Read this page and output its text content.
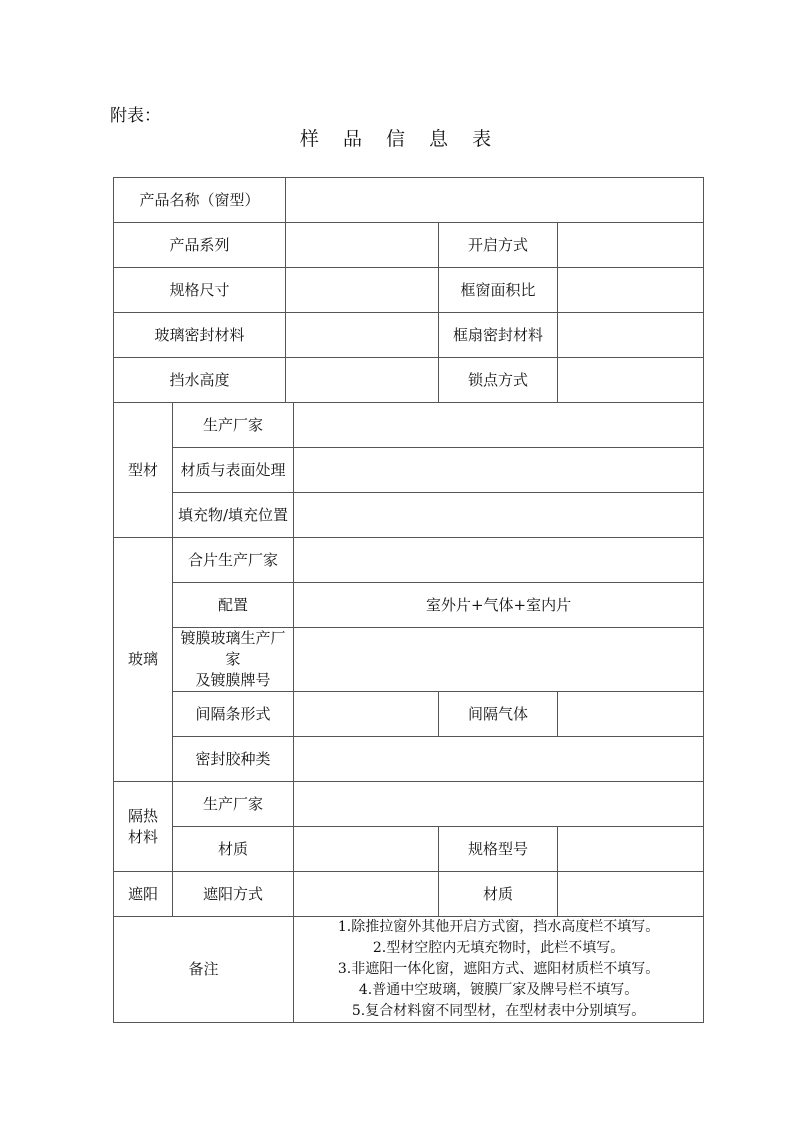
附表：
样 品 信 息 表
产品名称（窗型）					
产品系列				开启方式	
规格尺寸				框窗面积比	
玻璃密封材料				框扇密封材料	
挡水高度				锁点方式	
型材	生产厂家				
	材质与表面处理				
	填充物/填充位置				
玻璃	合片生产厂家				
	配置		室外片+气体+室内片		

	镀膜玻璃生产厂家
及镀膜牌号				

	间隔条形式			间隔气体	
	密封胶种类				

隔热
材料	生产厂家				
	材质			规格型号	
遮阳	遮阳方式			材质	
备注			1.除推拉窗外其他开启方式窗，挡水高度栏不填写。
2.型材空腔内无填充物时，此栏不填写。
3.非遮阳一体化窗，遮阳方式、遮阳材质栏不填写。
4.普通中空玻璃，镀膜厂家及牌号栏不填写。
5.复合材料窗不同型材，在型材表中分别填写。		
